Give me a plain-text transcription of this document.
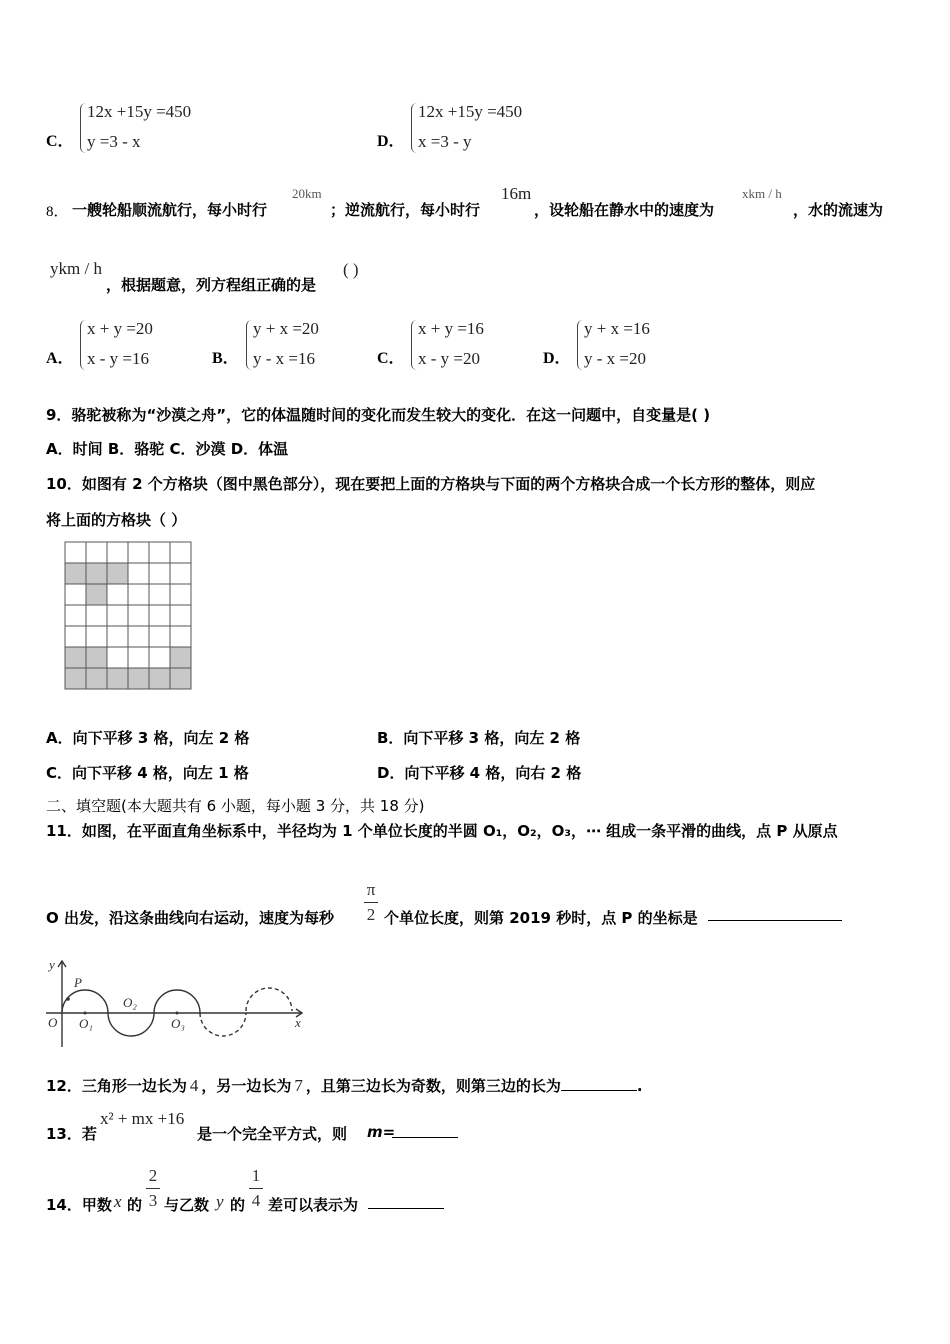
C．
12x +15y =450
y =3 - x	D．
12x +15y =450
x =3 - y
8． 一艘轮船顺流航行，每小时行
20km
；逆流航行，每小时行
16m
，设轮船在静水中的速度为
xkm / h
，水的流速为
ykm / h
，根据题意，列方程组正确的是
( )
A．
x + y =20
x - y =16	B．
y + x =20
y - x =16	C．
x + y =16
x - y =20	D．
y + x =16
y - x =20
9．骆驼被称为“沙漠之舟”，它的体温随时间的变化而发生较大的变化．在这一问题中，自变量是( )
A．时间 B．骆驼 C．沙漠 D．体温
10．如图有 2 个方格块（图中黑色部分），现在要把上面的方格块与下面的两个方格块合成一个长方形的整体，则应
将上面的方格块（ ）
A．向下平移 3 格，向左 2 格	B．向下平移 3 格，向左 2 格
C．向下平移 4 格，向左 1 格	D．向下平移 4 格，向右 2 格
二、填空题(本大题共有 6 小题，每小题 3 分，共 18 分)
11．如图，在平面直角坐标系中，半径均为 1 个单位长度的半圆 O₁，O₂，O₃，⋯ 组成一条平滑的曲线，点 P 从原点
O 出发，沿这条曲线向右运动，速度为每秒
π
2 个单位长度，则第 2019 秒时，点 P 的坐标是
y
x
O
P
O₁
O₂
O₃
12．三角形一边长为 4 ，另一边长为 7 ，且第三边长为奇数，则第三边的长为	.
13．若
x² + mx +16
是一个完全平方式，则 m=
14．甲数 x 的
2
3 与乙数 y 的
1
4 差可以表示为
